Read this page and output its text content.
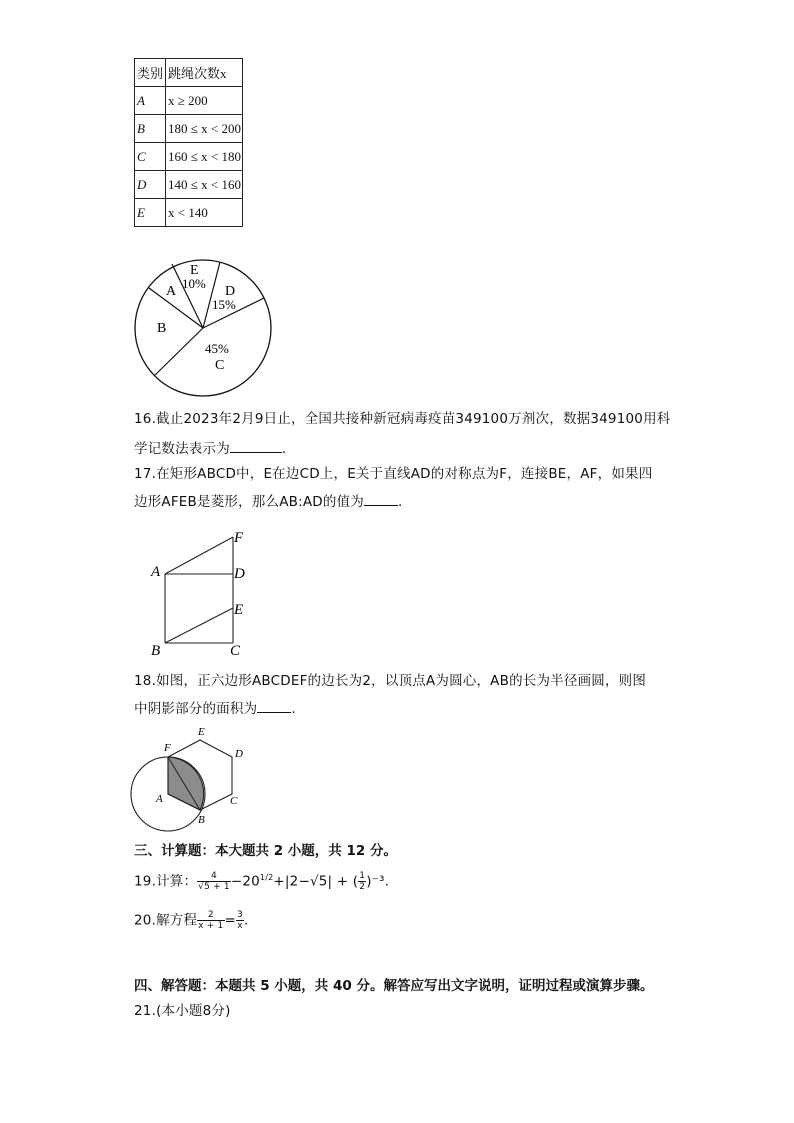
类别	跳绳次数x
A	x ≥ 200
B	180 ≤ x < 200
C	160 ≤ x < 180
D	140 ≤ x < 160
E	x < 140
E
10%
A	D
15%
B
45%
C
16.截止2023年2月9日止，全国共接种新冠病毒疫苗349100万剂次，数据349100用科
学记数法表示为	.
17.在矩形ABCD中，E在边CD上，E关于直线AD的对称点为F，连接BE，AF，如果四
边形AFEB是菱形，那么AB:AD的值为	.
F
A	D
E
B	C
18.如图，正六边形ABCDEF的边长为2，以顶点A为圆心，AB的长为半径画圆，则图
中阴影部分的面积为	.
E
F	D
A	C
B
三、计算题：本大题共 2 小题，共 12 分。
19.计算： $\frac{4}{√5 + 1} -20^{1/2}+|2-√5|$ + ( $\frac{1}{2} )^{-3}$.
20.解方程 $\frac{2}{x + 1} = \frac{3}{x}$ .
四、解答题：本题共 5 小题，共 40 分。解答应写出文字说明，证明过程或演算步骤。
21.(本小题8分)
